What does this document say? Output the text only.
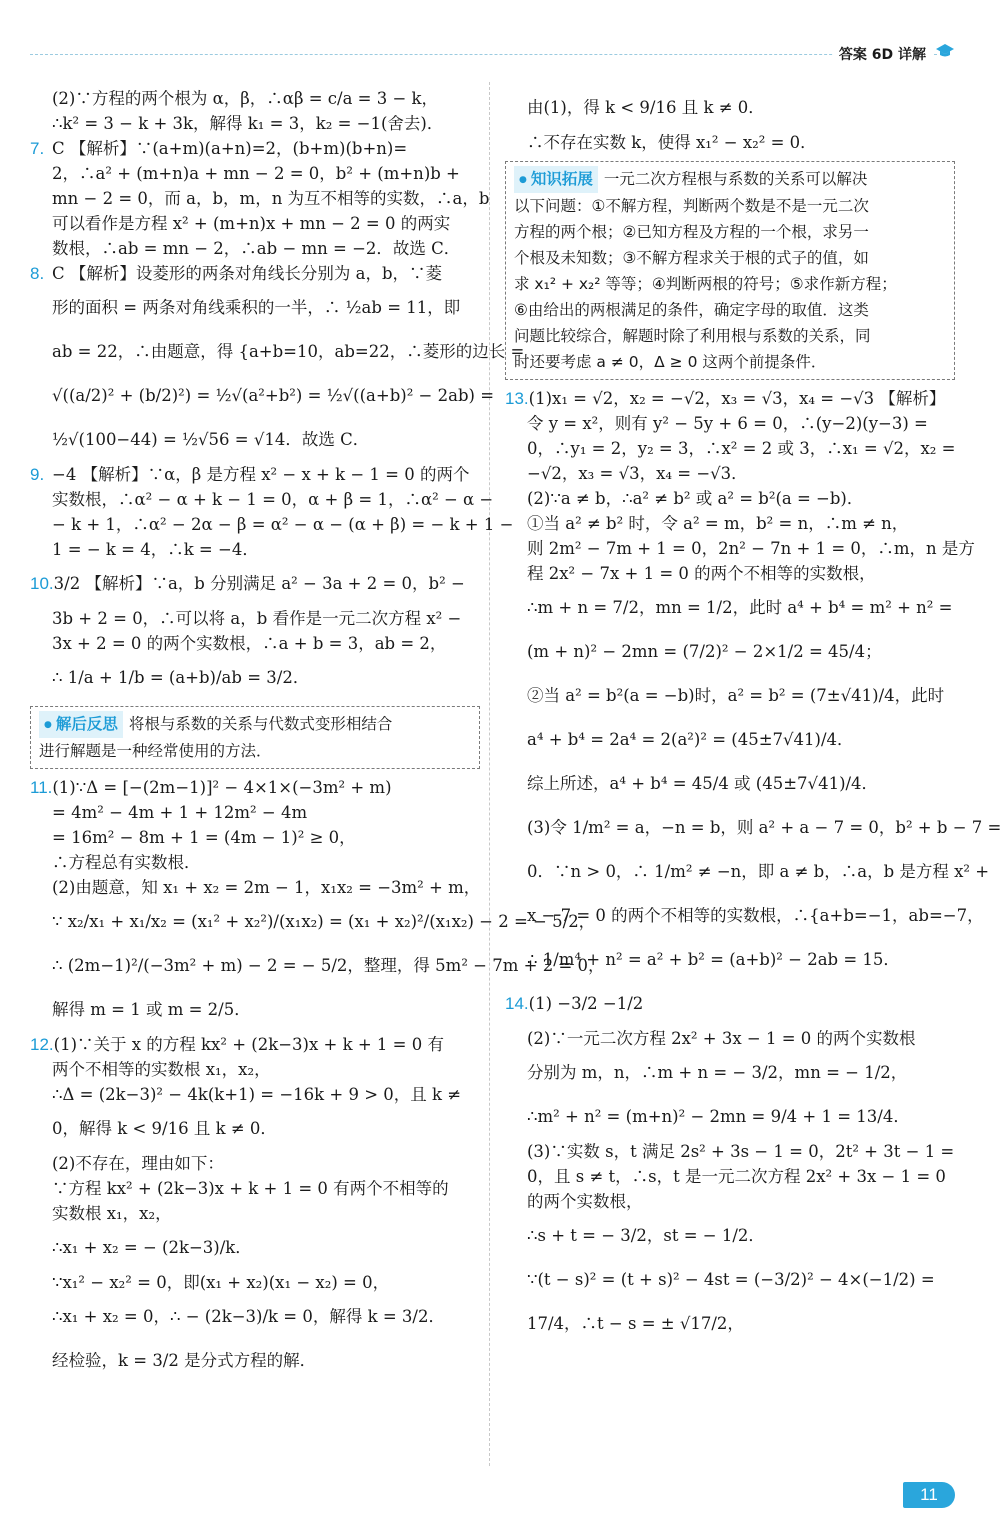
答案 6D 详解
(2)∵方程的两个根为 α，β，∴αβ = c/a = 3 − k，
∴k² = 3 − k + 3k，解得 k₁ = 3，k₂ = −1(舍去)．
7. C 【解析】∵(a+m)(a+n)=2，(b+m)(b+n)=
2，∴a² + (m+n)a + mn − 2 = 0，b² + (m+n)b +
mn − 2 = 0，而 a，b，m，n 为互不相等的实数，∴a，b
可以看作是方程 x² + (m+n)x + mn − 2 = 0 的两实
数根，∴ab = mn − 2，∴ab − mn = −2．故选 C．
8. C 【解析】设菱形的两条对角线长分别为 a，b，∵菱
形的面积 = 两条对角线乘积的一半，∴ ½ab = 11，即
ab = 22，∴由题意，得 {a+b=10，ab=22，∴菱形的边长 =
√((a/2)² + (b/2)²) = ½√(a²+b²) = ½√((a+b)² − 2ab) =
½√(100−44) = ½√56 = √14．故选 C．
9. −4 【解析】∵α，β 是方程 x² − x + k − 1 = 0 的两个
实数根，∴α² − α + k − 1 = 0，α + β = 1，∴α² − α −
− k + 1，∴α² − 2α − β = α² − α − (α + β) = − k + 1 −
1 = − k = 4，∴k = −4．
10.3/2 【解析】∵a，b 分别满足 a² − 3a + 2 = 0，b² −
3b + 2 = 0，∴可以将 a，b 看作是一元二次方程 x² −
3x + 2 = 0 的两个实数根，∴a + b = 3，ab = 2，
∴ 1/a + 1/b = (a+b)/ab = 3/2．
● 解后反思 将根与系数的关系与代数式变形相结合
进行解题是一种经常使用的方法．
11.(1)∵Δ = [−(2m−1)]² − 4×1×(−3m² + m)
= 4m² − 4m + 1 + 12m² − 4m
= 16m² − 8m + 1 = (4m − 1)² ≥ 0，
∴方程总有实数根．
(2)由题意，知 x₁ + x₂ = 2m − 1，x₁x₂ = −3m² + m，
∵ x₂/x₁ + x₁/x₂ = (x₁² + x₂²)/(x₁x₂) = (x₁ + x₂)²/(x₁x₂) − 2 = − 5/2，
∴ (2m−1)²/(−3m² + m) − 2 = − 5/2，整理，得 5m² − 7m + 2 = 0，
解得 m = 1 或 m = 2/5．
12.(1)∵关于 x 的方程 kx² + (2k−3)x + k + 1 = 0 有
两个不相等的实数根 x₁，x₂，
∴Δ = (2k−3)² − 4k(k+1) = −16k + 9 > 0，且 k ≠
0，解得 k < 9/16 且 k ≠ 0．
(2)不存在，理由如下：
∵方程 kx² + (2k−3)x + k + 1 = 0 有两个不相等的
实数根 x₁，x₂，
∴x₁ + x₂ = − (2k−3)/k．
∵x₁² − x₂² = 0，即(x₁ + x₂)(x₁ − x₂) = 0，
∴x₁ + x₂ = 0，∴ − (2k−3)/k = 0，解得 k = 3/2．
经检验，k = 3/2 是分式方程的解．
由(1)，得 k < 9/16 且 k ≠ 0．
∴不存在实数 k，使得 x₁² − x₂² = 0．
● 知识拓展 一元二次方程根与系数的关系可以解决
以下问题：①不解方程，判断两个数是不是一元二次
方程的两个根；②已知方程及方程的一个根，求另一
个根及未知数；③不解方程求关于根的式子的值，如
求 x₁² + x₂² 等等；④判断两根的符号；⑤求作新方程；
⑥由给出的两根满足的条件，确定字母的取值．这类
问题比较综合，解题时除了利用根与系数的关系，同
时还要考虑 a ≠ 0，Δ ≥ 0 这两个前提条件．
13.(1)x₁ = √2，x₂ = −√2，x₃ = √3，x₄ = −√3 【解析】
令 y = x²，则有 y² − 5y + 6 = 0，∴(y−2)(y−3) =
0，∴y₁ = 2，y₂ = 3，∴x² = 2 或 3，∴x₁ = √2，x₂ =
−√2，x₃ = √3，x₄ = −√3．
(2)∵a ≠ b，∴a² ≠ b² 或 a² = b²(a = −b)．
①当 a² ≠ b² 时，令 a² = m，b² = n，∴m ≠ n，
则 2m² − 7m + 1 = 0，2n² − 7n + 1 = 0，∴m，n 是方
程 2x² − 7x + 1 = 0 的两个不相等的实数根，
∴m + n = 7/2，mn = 1/2，此时 a⁴ + b⁴ = m² + n² =
(m + n)² − 2mn = (7/2)² − 2×1/2 = 45/4；
②当 a² = b²(a = −b)时，a² = b² = (7±√41)/4，此时
a⁴ + b⁴ = 2a⁴ = 2(a²)² = (45±7√41)/4．
综上所述，a⁴ + b⁴ = 45/4 或 (45±7√41)/4．
(3)令 1/m² = a，−n = b，则 a² + a − 7 = 0，b² + b − 7 =
0．∵n > 0，∴ 1/m² ≠ −n，即 a ≠ b，∴a，b 是方程 x² +
x − 7 = 0 的两个不相等的实数根，∴{a+b=−1，ab=−7，
∴ 1/m⁴ + n² = a² + b² = (a+b)² − 2ab = 15．
14.(1) −3/2 −1/2
(2)∵一元二次方程 2x² + 3x − 1 = 0 的两个实数根
分别为 m，n，∴m + n = − 3/2，mn = − 1/2，
∴m² + n² = (m+n)² − 2mn = 9/4 + 1 = 13/4．
(3)∵实数 s，t 满足 2s² + 3s − 1 = 0，2t² + 3t − 1 =
0，且 s ≠ t，∴s，t 是一元二次方程 2x² + 3x − 1 = 0
的两个实数根，
∴s + t = − 3/2，st = − 1/2．
∵(t − s)² = (t + s)² − 4st = (−3/2)² − 4×(−1/2) =
17/4，∴t − s = ± √17/2，
11
